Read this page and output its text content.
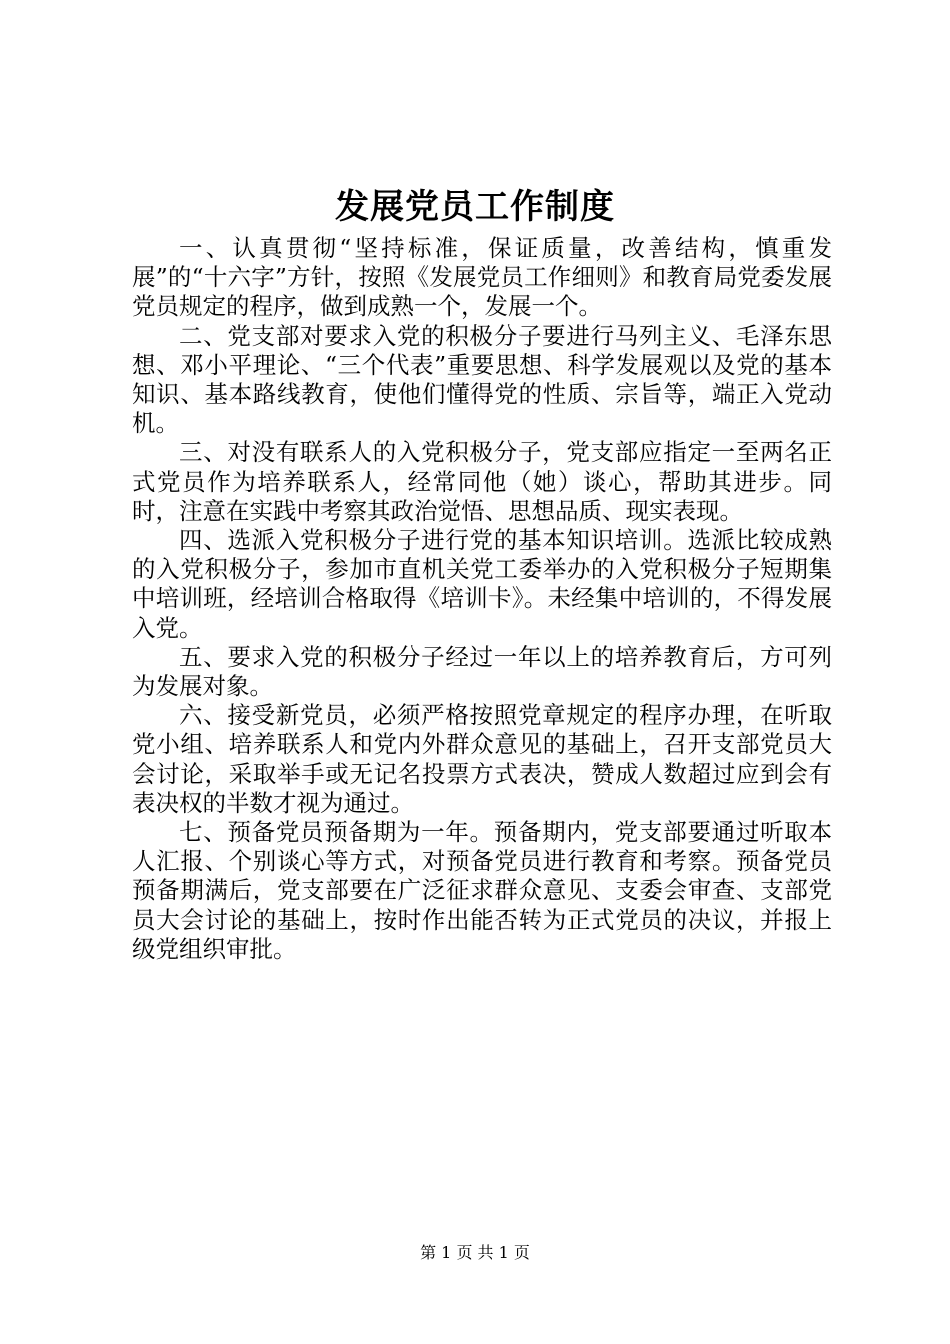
发展党员工作制度

一、认真贯彻“坚持标准，保证质量，改善结构，慎重发展”的“十六字”方针，按照《发展党员工作细则》和教育局党委发展党员规定的程序，做到成熟一个，发展一个。

二、党支部对要求入党的积极分子要进行马列主义、毛泽东思想、邓小平理论、“三个代表”重要思想、科学发展观以及党的基本知识、基本路线教育，使他们懂得党的性质、宗旨等，端正入党动机。

三、对没有联系人的入党积极分子，党支部应指定一至两名正式党员作为培养联系人，经常同他（她）谈心，帮助其进步。同时，注意在实践中考察其政治觉悟、思想品质、现实表现。

四、选派入党积极分子进行党的基本知识培训。选派比较成熟的入党积极分子，参加市直机关党工委举办的入党积极分子短期集中培训班，经培训合格取得《培训卡》。未经集中培训的，不得发展入党。

五、要求入党的积极分子经过一年以上的培养教育后，方可列为发展对象。

六、接受新党员，必须严格按照党章规定的程序办理，在听取党小组、培养联系人和党内外群众意见的基础上，召开支部党员大会讨论，采取举手或无记名投票方式表决，赞成人数超过应到会有表决权的半数才视为通过。

七、预备党员预备期为一年。预备期内，党支部要通过听取本人汇报、个别谈心等方式，对预备党员进行教育和考察。预备党员预备期满后，党支部要在广泛征求群众意见、支委会审查、支部党员大会讨论的基础上，按时作出能否转为正式党员的决议，并报上级党组织审批。

第 1 页 共 1 页
